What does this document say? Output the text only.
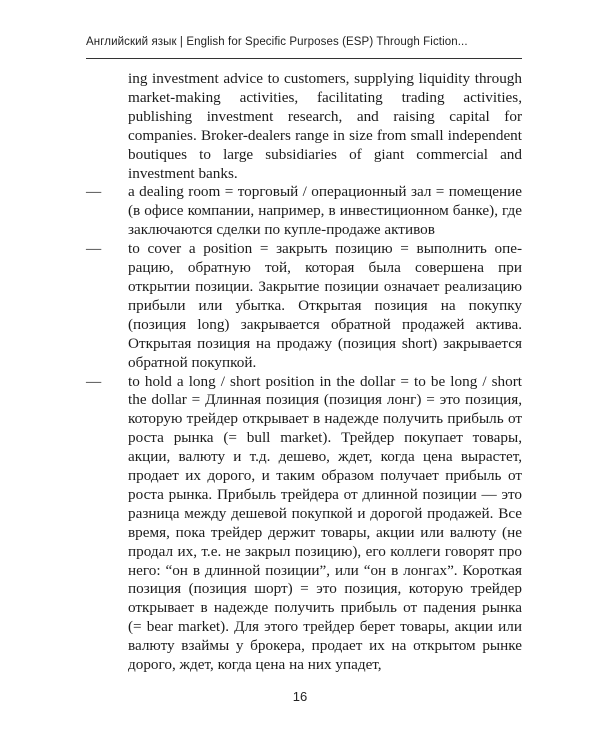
Английский язык | English for Specific Purposes (ESP) Through Fiction...
ing investment advice to customers, supplying liquidity through market-making activities, facilitating trading activities, publishing investment research, and raising capital for companies. Broker-dealers range in size from small independent boutiques to large subsidiaries of giant commercial and investment banks.
— a dealing room = торговый / операционный зал = помещение (в офисе компании, например, в инвестиционном банке), где заключаются сделки по купле-продаже активов
— to cover a position = закрыть позицию = выполнить операцию, обратную той, которая была совершена при открытии позиции. Закрытие позиции означает реализацию прибыли или убытка. Открытая позиция на покупку (позиция long) закрывается обратной продажей актива. Открытая позиция на продажу (позиция short) закрывается обратной покупкой.
— to hold a long / short position in the dollar = to be long / short the dollar = Длинная позиция (позиция лонг) = это позиция, которую трейдер открывает в надежде получить прибыль от роста рынка (= bull market). Трейдер покупает товары, акции, валюту и т.д. дешево, ждет, когда цена вырастет, продает их дорого, и таким образом получает прибыль от роста рынка. Прибыль трейдера от длинной позиции — это разница между дешевой покупкой и дорогой продажей. Все время, пока трейдер держит товары, акции или валюту (не продал их, т.е. не закрыл позицию), его коллеги говорят про него: “он в длинной позиции”, или “он в лонгах”. Короткая позиция (позиция шорт) = это позиция, которую трейдер открывает в надежде получить прибыль от падения рынка (= bear market). Для этого трейдер берет товары, акции или валюту взаймы у брокера, продает их на открытом рынке дорого, ждет, когда цена на них упадет,
16
